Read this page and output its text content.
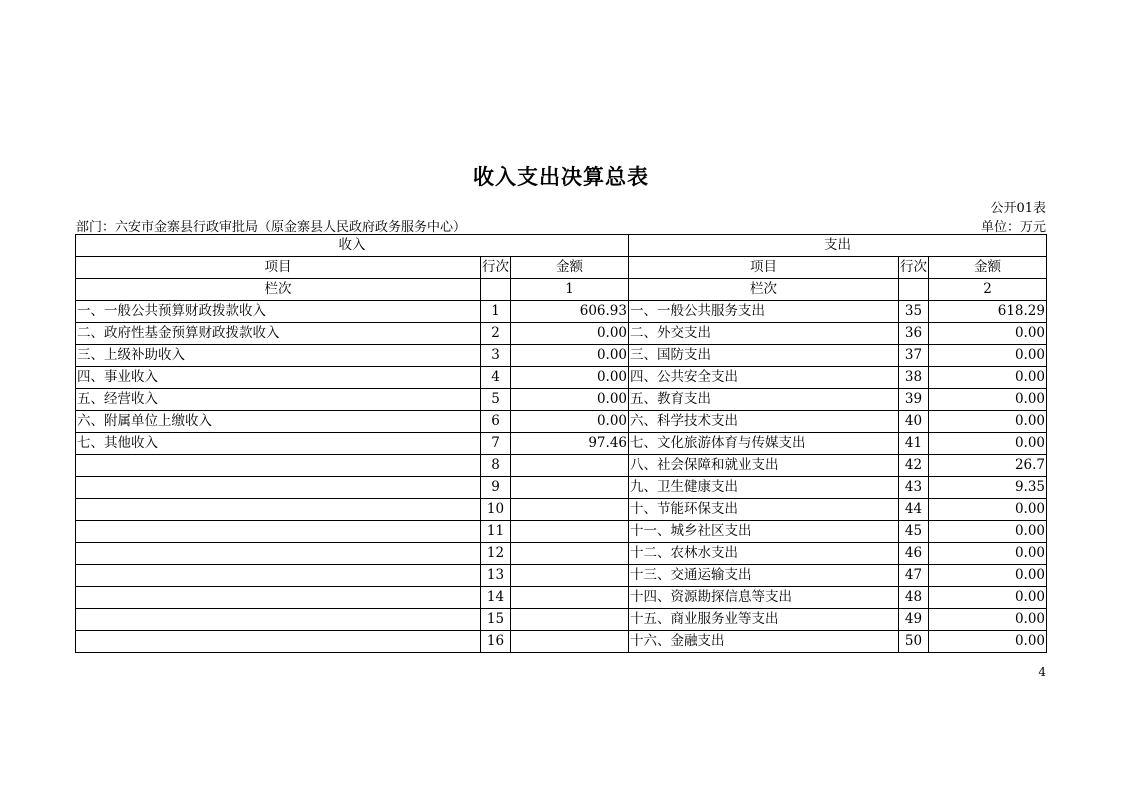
收入支出决算总表
公开01表
部门：六安市金寨县行政审批局（原金寨县人民政府政务服务中心）	单位：万元
收入			支出		
项目	行次	金额	项目	行次	金额
栏次		1	栏次		2
一、一般公共预算财政拨款收入	1	606.93	一、一般公共服务支出	35	618.29
二、政府性基金预算财政拨款收入	2	0.00	二、外交支出	36	0.00
三、上级补助收入	3	0.00	三、国防支出	37	0.00
四、事业收入	4	0.00	四、公共安全支出	38	0.00
五、经营收入	5	0.00	五、教育支出	39	0.00
六、附属单位上缴收入	6	0.00	六、科学技术支出	40	0.00
七、其他收入	7	97.46	七、文化旅游体育与传媒支出	41	0.00
	8		八、社会保障和就业支出	42	26.7
	9		九、卫生健康支出	43	9.35
	10		十、节能环保支出	44	0.00
	11		十一、城乡社区支出	45	0.00
	12		十二、农林水支出	46	0.00
	13		十三、交通运输支出	47	0.00
	14		十四、资源勘探信息等支出	48	0.00
	15		十五、商业服务业等支出	49	0.00
	16		十六、金融支出	50	0.00
4
